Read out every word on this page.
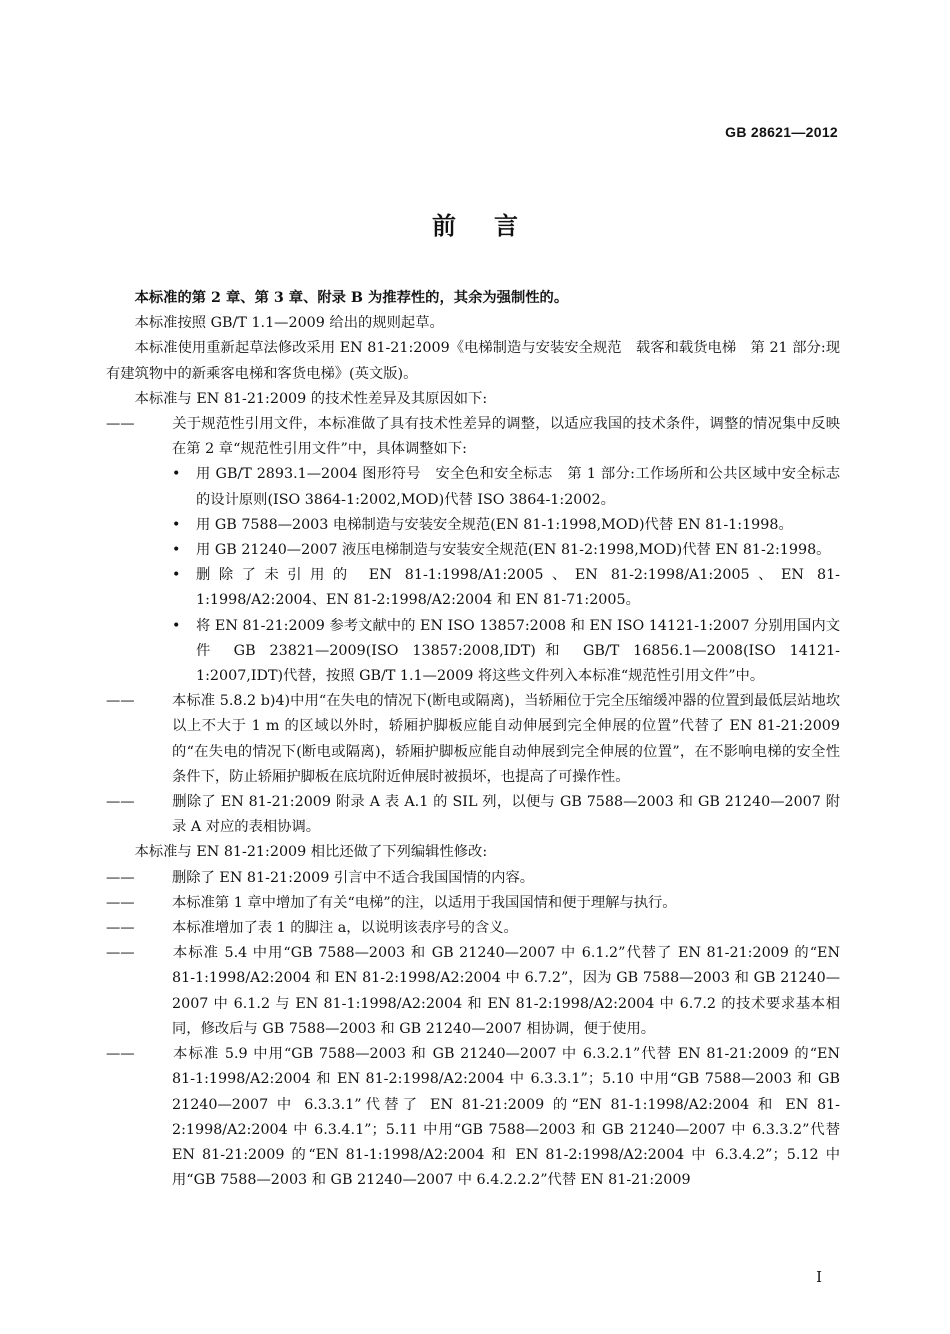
GB 28621—2012
前言

本标准的第 2 章、第 3 章、附录 B 为推荐性的，其余为强制性的。

本标准按照 GB/T 1.1—2009 给出的规则起草。

本标准使用重新起草法修改采用 EN 81-21:2009《电梯制造与安装安全规范　载客和载货电梯　第 21 部分:现有建筑物中的新乘客电梯和客货电梯》(英文版)。

本标准与 EN 81-21:2009 的技术性差异及其原因如下:

——	关于规范性引用文件，本标准做了具有技术性差异的调整，以适应我国的技术条件，调整的情况集中反映在第 2 章“规范性引用文件”中，具体调整如下:

•	用 GB/T 2893.1—2004 图形符号　安全色和安全标志　第 1 部分:工作场所和公共区域中安全标志的设计原则(ISO 3864-1:2002,MOD)代替 ISO 3864-1:2002。

•	用 GB 7588—2003 电梯制造与安装安全规范(EN 81-1:1998,MOD)代替 EN 81-1:1998。

•	用 GB 21240—2007 液压电梯制造与安装安全规范(EN 81-2:1998,MOD)代替 EN 81-2:1998。

•	删除了未引用的 EN 81-1:1998/A1:2005、EN 81-2:1998/A1:2005、EN 81-1:1998/A2:2004、EN 81-2:1998/A2:2004 和 EN 81-71:2005。

•	将 EN 81-21:2009 参考文献中的 EN ISO 13857:2008 和 EN ISO 14121-1:2007 分别用国内文件 GB 23821—2009(ISO 13857:2008,IDT)和 GB/T 16856.1—2008(ISO 14121-1:2007,IDT)代替，按照 GB/T 1.1—2009 将这些文件列入本标准“规范性引用文件”中。

——	本标准 5.8.2 b)4)中用“在失电的情况下(断电或隔离)，当轿厢位于完全压缩缓冲器的位置到最低层站地坎以上不大于 1 m 的区域以外时，轿厢护脚板应能自动伸展到完全伸展的位置”代替了 EN 81-21:2009 的“在失电的情况下(断电或隔离)，轿厢护脚板应能自动伸展到完全伸展的位置”，在不影响电梯的安全性条件下，防止轿厢护脚板在底坑附近伸展时被损坏，也提高了可操作性。

——	删除了 EN 81-21:2009 附录 A 表 A.1 的 SIL 列，以便与 GB 7588—2003 和 GB 21240—2007 附录 A 对应的表相协调。

本标准与 EN 81-21:2009 相比还做了下列编辑性修改:

——	删除了 EN 81-21:2009 引言中不适合我国国情的内容。

——	本标准第 1 章中增加了有关“电梯”的注，以适用于我国国情和便于理解与执行。

——	本标准增加了表 1 的脚注 a，以说明该表序号的含义。

——	本标准 5.4 中用“GB 7588—2003 和 GB 21240—2007 中 6.1.2”代替了 EN 81-21:2009 的“EN 81-1:1998/A2:2004 和 EN 81-2:1998/A2:2004 中 6.7.2”，因为 GB 7588—2003 和 GB 21240—2007 中 6.1.2 与 EN 81-1:1998/A2:2004 和 EN 81-2:1998/A2:2004 中 6.7.2 的技术要求基本相同，修改后与 GB 7588—2003 和 GB 21240—2007 相协调，便于使用。

——	本标准 5.9 中用“GB 7588—2003 和 GB 21240—2007 中 6.3.2.1”代替 EN 81-21:2009 的“EN 81-1:1998/A2:2004 和 EN 81-2:1998/A2:2004 中 6.3.3.1”；5.10 中用“GB 7588—2003 和 GB 21240—2007 中 6.3.3.1”代替了 EN 81-21:2009 的“EN 81-1:1998/A2:2004 和 EN 81-2:1998/A2:2004 中 6.3.4.1”；5.11 中用“GB 7588—2003 和 GB 21240—2007 中 6.3.3.2”代替 EN 81-21:2009 的“EN 81-1:1998/A2:2004 和 EN 81-2:1998/A2:2004 中 6.3.4.2”；5.12 中用“GB 7588—2003 和 GB 21240—2007 中 6.4.2.2.2”代替 EN 81-21:2009

I
